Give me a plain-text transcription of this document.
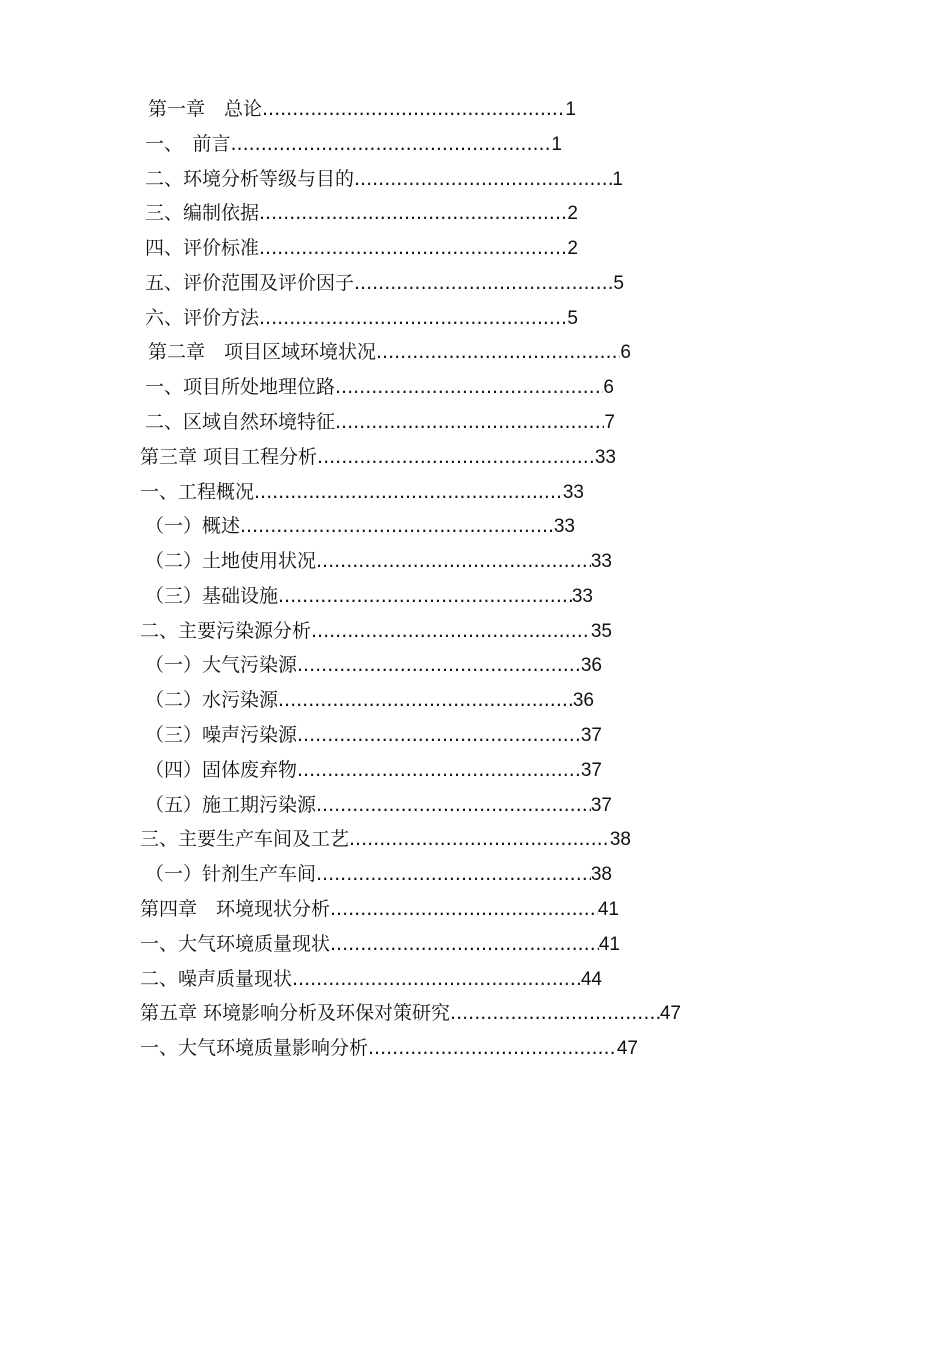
第一章　总论 .....	1
一、　前言 .....	1
二、环境分析等级与目的 .....	1
三、编制依据 .....	2
四、评价标准 .....	2
五、评价范围及评价因子 .....	5
六、评价方法 .....	5
第二章　项目区域环境状况 .....	6
一、项目所处地理位路 .....	6
二、区域自然环境特征 .....	7
第三章 项目工程分析 .....	33
一、工程概况 .....	33
（一）概述 .....	33
（二）土地使用状况 .....	33
（三）基础设施 .....	33
二、主要污染源分析 .....	35
（一）大气污染源 .....	36
（二）水污染源 .....	36
（三）噪声污染源 .....	37
（四）固体废弃物 .....	37
（五）施工期污染源 .....	37
三、主要生产车间及工艺 .....	38
（一）针剂生产车间 .....	38
第四章　环境现状分析 .....	41
一、大气环境质量现状 .....	41
二、噪声质量现状 .....	44
第五章 环境影响分析及环保对策研究 .....	47
一、大气环境质量影响分析 .....	47
